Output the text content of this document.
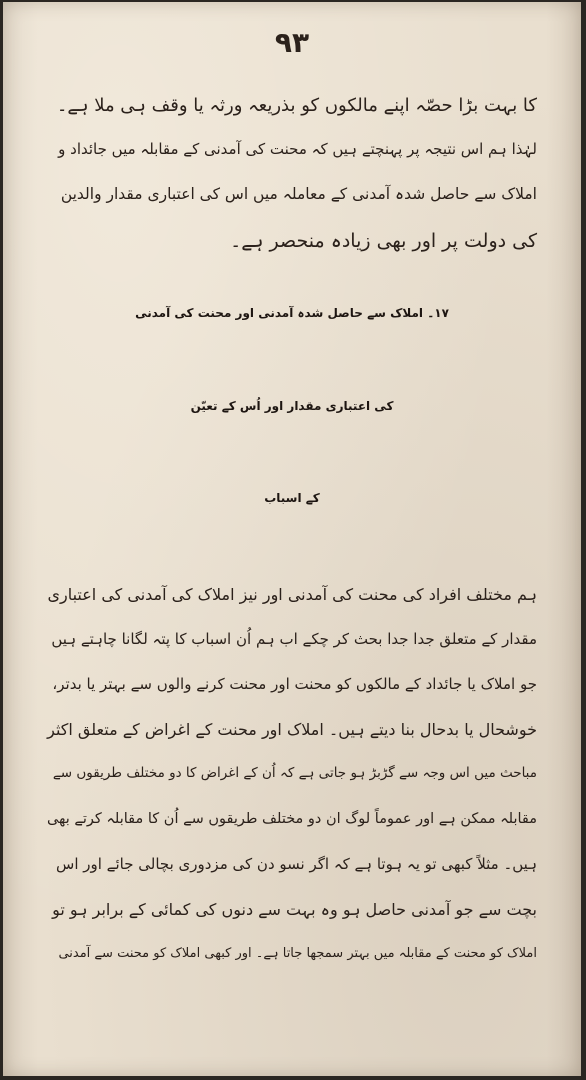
٩٣
کا بہت بڑا حصّہ اپنے مالکوں کو بذریعہ ورثہ یا وقف ہی ملا ہے۔
لہٰذا ہم اس نتیجہ پر پہنچتے ہیں کہ محنت کی آمدنی کے مقابلہ میں جائداد و
املاک سے حاصل شدہ آمدنی کے معاملہ میں اس کی اعتباری مقدار والدین
کی دولت پر اور بھی زیادہ منحصر ہے۔
١٧۔ املاک سے حاصل شدہ آمدنی اور محنت کی آمدنی
کی اعتباری مقدار اور اُس کے تعیّن
کے اسباب
ہم مختلف افراد کی محنت کی آمدنی اور نیز املاک کی آمدنی کی اعتباری
مقدار کے متعلق جدا جدا بحث کر چکے اب ہم اُن اسباب کا پتہ لگانا چاہتے ہیں
جو املاک یا جائداد کے مالکوں کو محنت اور محنت کرنے والوں سے بہتر یا بدتر،
خوشحال یا بدحال بنا دیتے ہیں۔ املاک اور محنت کے اغراض کے متعلق اکثر
مباحث میں اس وجہ سے گڑبڑ ہو جاتی ہے کہ اُن کے اغراض کا دو مختلف طریقوں سے
مقابلہ ممکن ہے اور عموماً لوگ ان دو مختلف طریقوں سے اُن کا مقابلہ کرتے بھی
ہیں۔ مثلاً کبھی تو یہ ہوتا ہے کہ اگر نسو دن کی مزدوری بچالی جائے اور اس
بچت سے جو آمدنی حاصل ہو وہ بہت سے دنوں کی کمائی کے برابر ہو تو
املاک کو محنت کے مقابلہ میں بہتر سمجھا جاتا ہے۔ اور کبھی املاک کو محنت سے آمدنی
